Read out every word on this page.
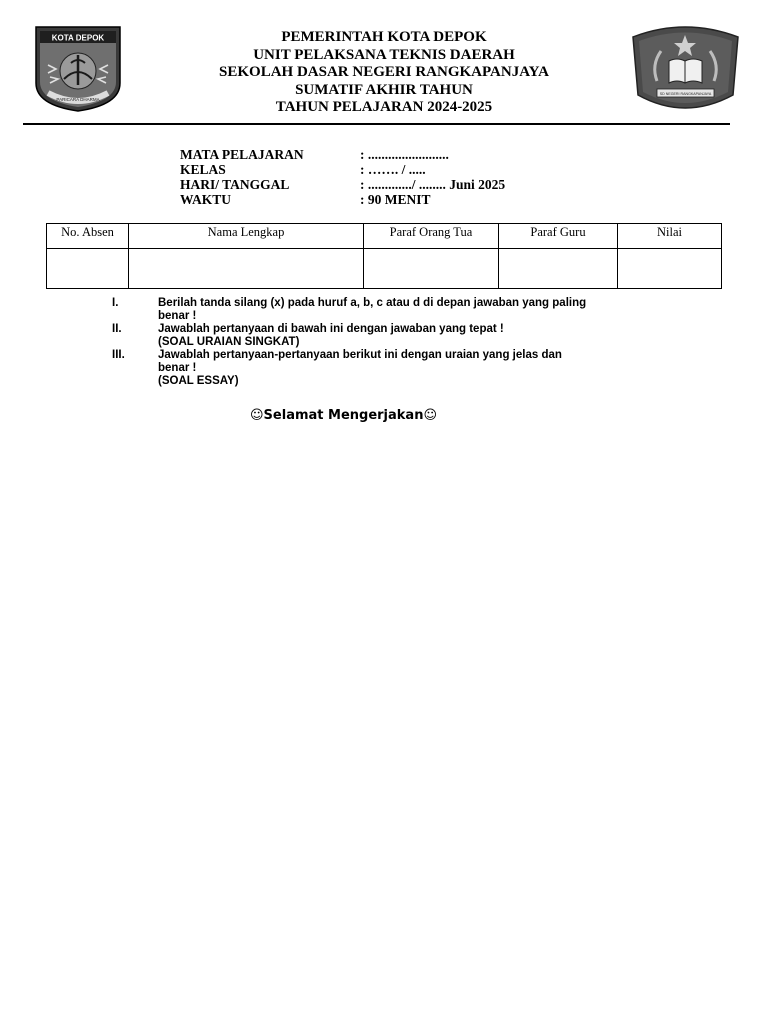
KOTA DEPOK
PARICARA DHARMA
SD NEGERI RANGKAPANJAYA
PEMERINTAH KOTA DEPOK
UNIT PELAKSANA TEKNIS DAERAH
SEKOLAH DASAR NEGERI RANGKAPANJAYA
SUMATIF AKHIR TAHUN
TAHUN PELAJARAN 2024-2025
MATA PELAJARAN	: ........................
KELAS	: ……. / .....
HARI/ TANGGAL	: ............./ ........ Juni 2025
WAKTU	: 90 MENIT
No. Absen	Nama Lengkap	Paraf Orang Tua	Paraf Guru	Nilai

I.	Berilah tanda silang (x) pada huruf a, b, c atau d di depan jawaban yang paling
benar !
II.	Jawablah pertanyaan di bawah ini dengan jawaban yang tepat !
(SOAL URAIAN SINGKAT)
III.	Jawablah pertanyaan-pertanyaan berikut ini dengan uraian yang jelas dan
benar !
(SOAL ESSAY)
☺Selamat Mengerjakan☺
